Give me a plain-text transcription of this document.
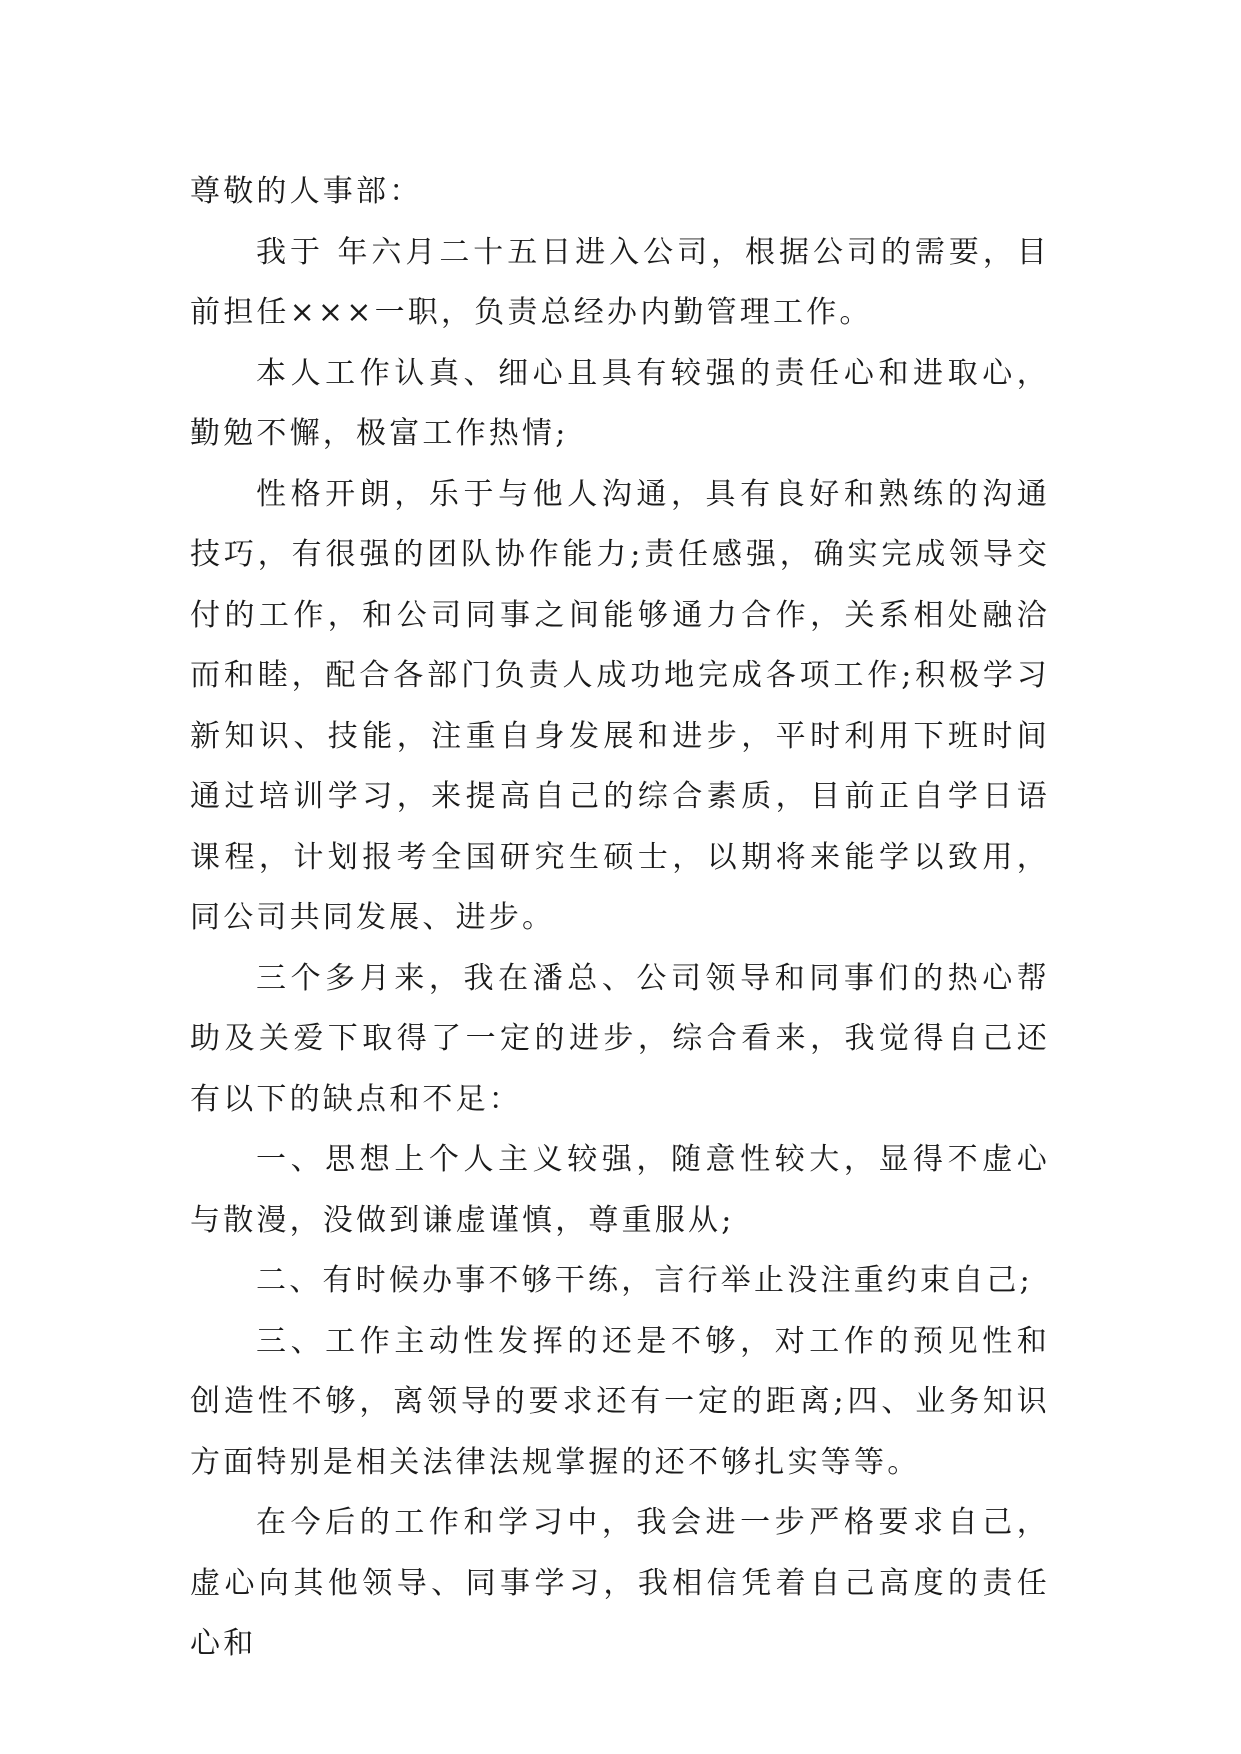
尊敬的人事部：

我于 年六月二十五日进入公司，根据公司的需要，目前担任×××一职，负责总经办内勤管理工作。

本人工作认真、细心且具有较强的责任心和进取心，勤勉不懈，极富工作热情;

性格开朗，乐于与他人沟通，具有良好和熟练的沟通技巧，有很强的团队协作能力;责任感强，确实完成领导交付的工作，和公司同事之间能够通力合作，关系相处融洽而和睦，配合各部门负责人成功地完成各项工作;积极学习新知识、技能，注重自身发展和进步，平时利用下班时间通过培训学习，来提高自己的综合素质，目前正自学日语课程，计划报考全国研究生硕士，以期将来能学以致用，同公司共同发展、进步。

三个多月来，我在潘总、公司领导和同事们的热心帮助及关爱下取得了一定的进步，综合看来，我觉得自己还有以下的缺点和不足：

一、思想上个人主义较强，随意性较大，显得不虚心与散漫，没做到谦虚谨慎，尊重服从;

二、有时候办事不够干练，言行举止没注重约束自己;

三、工作主动性发挥的还是不够，对工作的预见性和创造性不够，离领导的要求还有一定的距离;四、业务知识方面特别是相关法律法规掌握的还不够扎实等等。

在今后的工作和学习中，我会进一步严格要求自己，虚心向其他领导、同事学习，我相信凭着自己高度的责任心和
